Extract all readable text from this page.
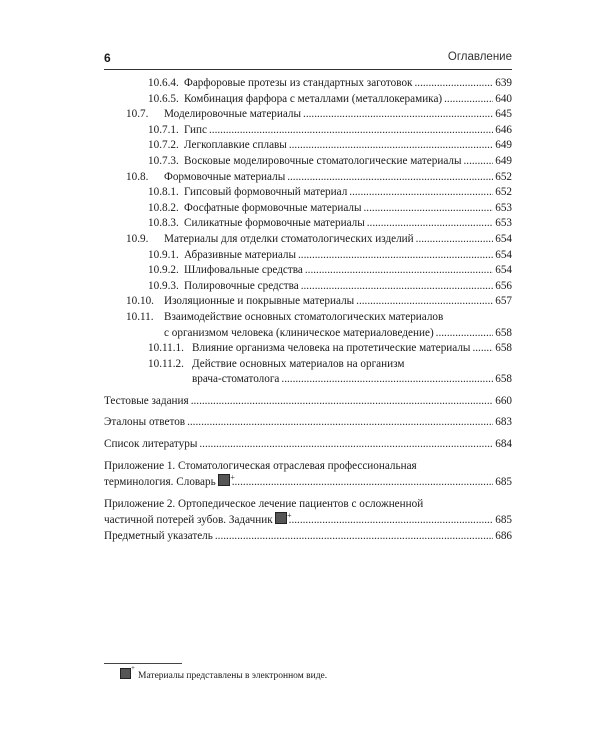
6	Оглавление
10.6.4. Фарфоровые протезы из стандартных заготовок . . .	639
10.6.5. Комбинация фарфора с металлами (металлокерамика) . . .	640
10.7. Моделировочные материалы . . .	645
10.7.1. Гипс . . .	646
10.7.2. Легкоплавкие сплавы . . .	649
10.7.3. Восковые моделировочные стоматологические материалы . . .	649
10.8. Формовочные материалы . . .	652
10.8.1. Гипсовый формовочный материал . . .	652
10.8.2. Фосфатные формовочные материалы . . .	653
10.8.3. Силикатные формовочные материалы . . .	653
10.9. Материалы для отделки стоматологических изделий . . .	654
10.9.1. Абразивные материалы . . .	654
10.9.2. Шлифовальные средства . . .	654
10.9.3. Полировочные средства . . .	656
10.10. Изоляционные и покрывные материалы . . .	657
10.11. Взаимодействие основных стоматологических материалов
с организмом человека (клиническое материаловедение) . . .	658
10.11.1. Влияние организма человека на протетические материалы . . . 658
10.11.2. Действие основных материалов на организм
врача-стоматолога . . .	658
Тестовые задания . . .	660
Эталоны ответов . . .	683
Список литературы . . .	684
Приложение 1. Стоматологическая отраслевая профессиональная
терминология. Словарь + . . .	685
Приложение 2. Ортопедическое лечение пациентов с осложненной
частичной потерей зубов. Задачник + . . .	685
Предметный указатель . . .	686
+Материалы представлены в электронном виде.
